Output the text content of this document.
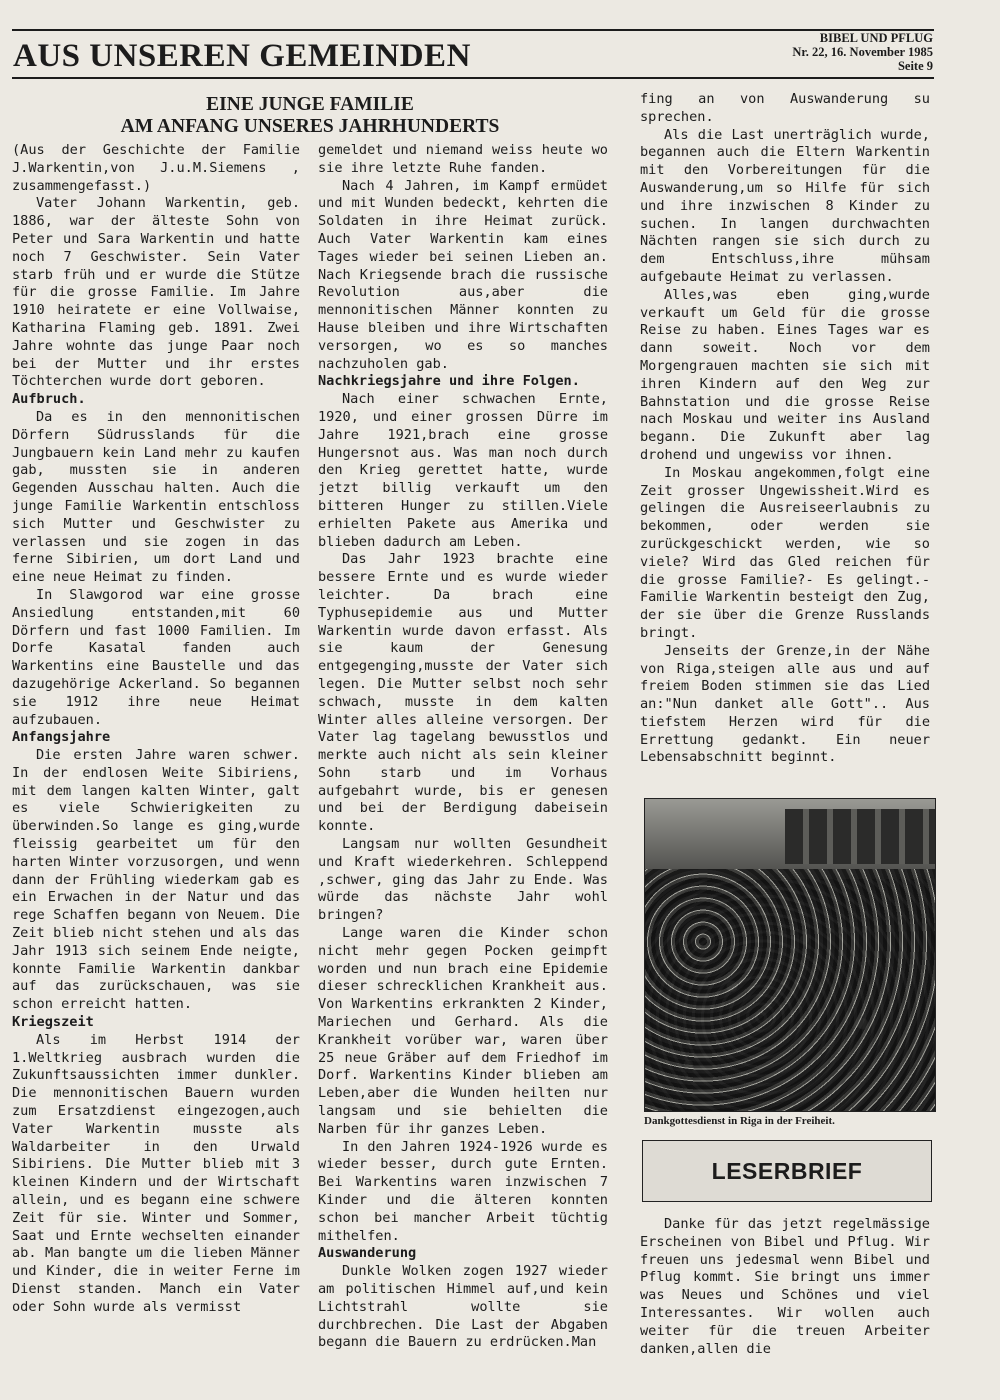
AUS UNSEREN GEMEINDEN	BIBEL UND PFLUG
Nr. 22, 16. November 1985
Seite 9
EINE JUNGE FAMILIE
AM ANFANG UNSERES JAHRHUNDERTS

(Aus der Geschichte der Familie J.Warkentin,von J.u.M.Siemens , zusammengefasst.)

Vater Johann Warkentin, geb. 1886, war der älteste Sohn von Peter und Sara Warkentin und hatte noch 7 Geschwister. Sein Vater starb früh und er wurde die Stütze für die grosse Familie. Im Jahre 1910 heiratete er eine Vollwaise, Katharina Flaming geb. 1891. Zwei Jahre wohnte das junge Paar noch bei der Mutter und ihr erstes Töchterchen wurde dort geboren.

Aufbruch.

Da es in den mennonitischen Dörfern Südrusslands für die Jungbauern kein Land mehr zu kaufen gab, mussten sie in anderen Gegenden Ausschau halten. Auch die junge Familie Warkentin entschloss sich Mutter und Geschwister zu verlassen und sie zogen in das ferne Sibirien, um dort Land und eine neue Heimat zu finden.

In Slawgorod war eine grosse Ansiedlung entstanden,mit 60 Dörfern und fast 1000 Familien. Im Dorfe Kasatal fanden auch Warkentins eine Baustelle und das dazugehörige Ackerland. So begannen sie 1912 ihre neue Heimat aufzubauen.

Anfangsjahre

Die ersten Jahre waren schwer. In der endlosen Weite Sibiriens, mit dem langen kalten Winter, galt es viele Schwierigkeiten zu überwinden.So lange es ging,wurde fleissig gearbeitet um für den harten Winter vorzusorgen, und wenn dann der Frühling wiederkam gab es ein Erwachen in der Natur und das rege Schaffen begann von Neuem. Die Zeit blieb nicht stehen und als das Jahr 1913 sich seinem Ende neigte, konnte Familie Warkentin dankbar auf das zurückschauen, was sie schon erreicht hatten.

Kriegszeit

Als im Herbst 1914 der 1.Weltkrieg ausbrach wurden die Zukunftsaussichten immer dunkler. Die mennonitischen Bauern wurden zum Ersatzdienst eingezogen,auch Vater Warkentin musste als Waldarbeiter in den Urwald Sibiriens. Die Mutter blieb mit 3 kleinen Kindern und der Wirtschaft allein, und es begann eine schwere Zeit für sie. Winter und Sommer, Saat und Ernte wechselten einander ab. Man bangte um die lieben Männer und Kinder, die in weiter Ferne im Dienst standen. Manch ein Vater oder Sohn wurde als vermisst

gemeldet und niemand weiss heute wo sie ihre letzte Ruhe fanden.

Nach 4 Jahren, im Kampf ermüdet und mit Wunden bedeckt, kehrten die Soldaten in ihre Heimat zurück. Auch Vater Warkentin kam eines Tages wieder bei seinen Lieben an. Nach Kriegsende brach die russische Revolution aus,aber die mennonitischen Männer konnten zu Hause bleiben und ihre Wirtschaften versorgen, wo es so manches nachzuholen gab.

Nachkriegsjahre und ihre Folgen.

Nach einer schwachen Ernte, 1920, und einer grossen Dürre im Jahre 1921,brach eine grosse Hungersnot aus. Was man noch durch den Krieg gerettet hatte, wurde jetzt billig verkauft um den bitteren Hunger zu stillen.Viele erhielten Pakete aus Amerika und blieben dadurch am Leben.

Das Jahr 1923 brachte eine bessere Ernte und es wurde wieder leichter. Da brach eine Typhusepidemie aus und Mutter Warkentin wurde davon erfasst. Als sie kaum der Genesung entgegenging,musste der Vater sich legen. Die Mutter selbst noch sehr schwach, musste in dem kalten Winter alles alleine versorgen. Der Vater lag tagelang bewusstlos und merkte auch nicht als sein kleiner Sohn starb und im Vorhaus aufgebahrt wurde, bis er genesen und bei der Berdigung dabeisein konnte.

Langsam nur wollten Gesundheit und Kraft wiederkehren. Schleppend ,schwer, ging das Jahr zu Ende. Was würde das nächste Jahr wohl bringen?

Lange waren die Kinder schon nicht mehr gegen Pocken geimpft worden und nun brach eine Epidemie dieser schrecklichen Krankheit aus. Von Warkentins erkrankten 2 Kinder, Mariechen und Gerhard. Als die Krankheit vorüber war, waren über 25 neue Gräber auf dem Friedhof im Dorf. Warkentins Kinder blieben am Leben,aber die Wunden heilten nur langsam und sie behielten die Narben für ihr ganzes Leben.

In den Jahren 1924-1926 wurde es wieder besser, durch gute Ernten. Bei Warkentins waren inzwischen 7 Kinder und die älteren konnten schon bei mancher Arbeit tüchtig mithelfen.

Auswanderung

Dunkle Wolken zogen 1927 wieder am politischen Himmel auf,und kein Lichtstrahl wollte sie durchbrechen. Die Last der Abgaben begann die Bauern zu erdrücken.Man

fing an von Auswanderung su sprechen.

Als die Last unerträglich wurde, begannen auch die Eltern Warkentin mit den Vorbereitungen für die Auswanderung,um so Hilfe für sich und ihre inzwischen 8 Kinder zu suchen. In langen durchwachten Nächten rangen sie sich durch zu dem Entschluss,ihre mühsam aufgebaute Heimat zu verlassen.

Alles,was eben ging,wurde verkauft um Geld für die grosse Reise zu haben. Eines Tages war es dann soweit. Noch vor dem Morgengrauen machten sie sich mit ihren Kindern auf den Weg zur Bahnstation und die grosse Reise nach Moskau und weiter ins Ausland begann. Die Zukunft aber lag drohend und ungewiss vor ihnen.

In Moskau angekommen,folgt eine Zeit grosser Ungewissheit.Wird es gelingen die Ausreiseerlaubnis zu bekommen, oder werden sie zurückgeschickt werden, wie so viele? Wird das Gled reichen für die grosse Familie?- Es gelingt.-Familie Warkentin besteigt den Zug, der sie über die Grenze Russlands bringt.

Jenseits der Grenze,in der Nähe von Riga,steigen alle aus und auf freiem Boden stimmen sie das Lied an:"Nun danket alle Gott".. Aus tiefstem Herzen wird für die Errettung gedankt. Ein neuer Lebensabschnitt beginnt.

Dankgottesdienst in Riga in der Freiheit.
LESERBRIEF

Danke für das jetzt regelmässige Erscheinen von Bibel und Pflug. Wir freuen uns jedesmal wenn Bibel und Pflug kommt. Sie bringt uns immer was Neues und Schönes und viel Interessantes. Wir wollen auch weiter für die treuen Arbeiter danken,allen die
